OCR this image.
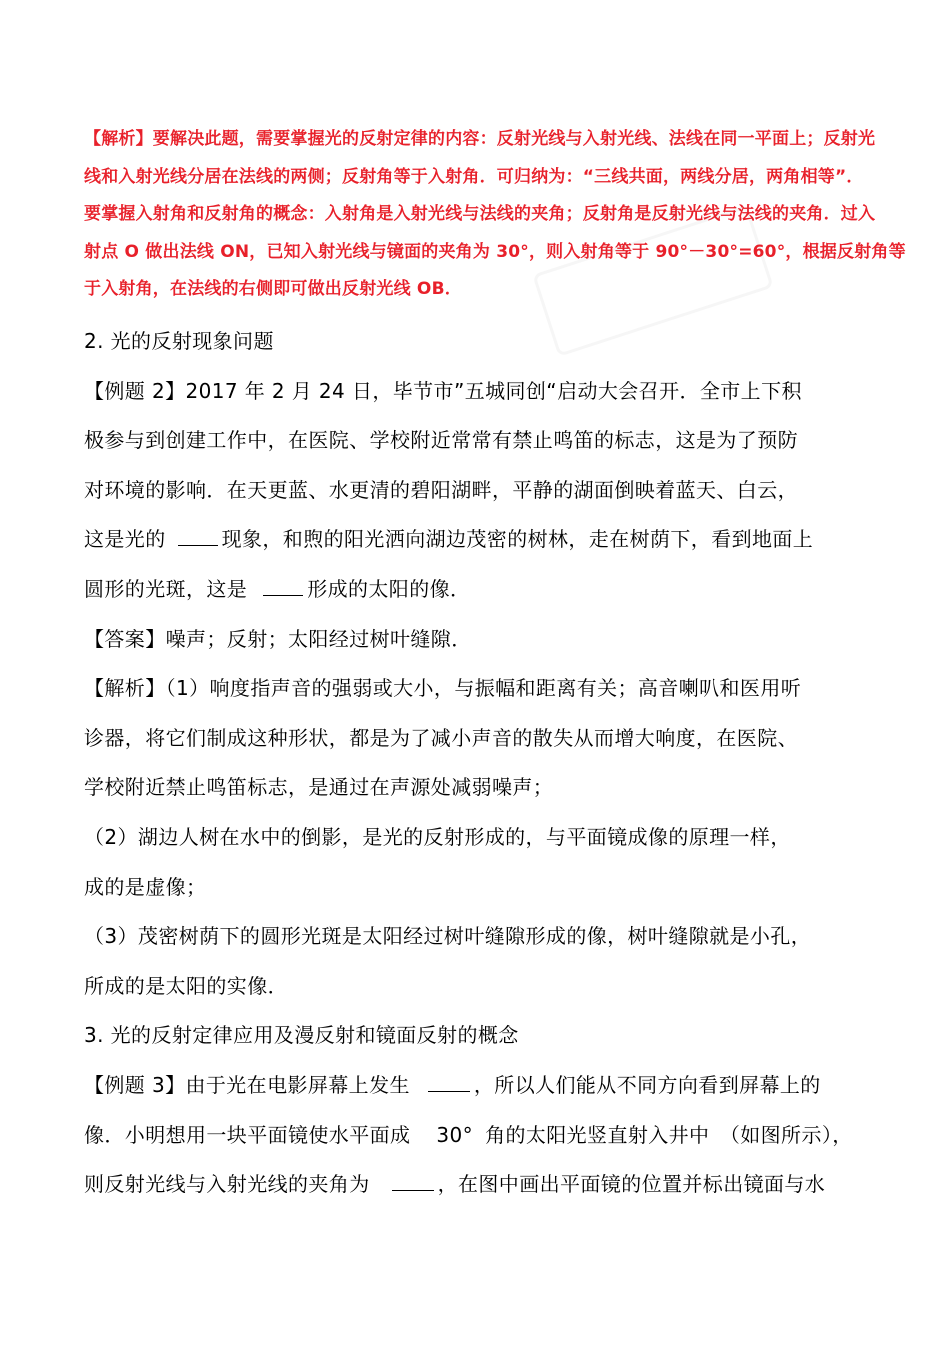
【解析】要解决此题，需要掌握光的反射定律的内容：反射光线与入射光线、法线在同一平面上；反射光
线和入射光线分居在法线的两侧；反射角等于入射角．可归纳为：“三线共面，两线分居，两角相等”．
要掌握入射角和反射角的概念：入射角是入射光线与法线的夹角；反射角是反射光线与法线的夹角．过入
射点 O 做出法线 ON，已知入射光线与镜面的夹角为 30°，则入射角等于 90°－30°=60°，根据反射角等
于入射角，在法线的右侧即可做出反射光线 OB．
2. 光的反射现象问题
【例题 2】2017 年 2 月 24 日，毕节市”五城同创“启动大会召开．全市上下积
极参与到创建工作中，在医院、学校附近常常有禁止鸣笛的标志，这是为了预防
对环境的影响．在天更蓝、水更清的碧阳湖畔，平静的湖面倒映着蓝天、白云，
这是光的	现象，和煦的阳光洒向湖边茂密的树林，走在树荫下，看到地面上
圆形的光斑，这是	形成的太阳的像．
【答案】噪声；反射；太阳经过树叶缝隙．
【解析】（1）响度指声音的强弱或大小，与振幅和距离有关；高音喇叭和医用听
诊器，将它们制成这种形状，都是为了减小声音的散失从而增大响度，在医院、
学校附近禁止鸣笛标志，是通过在声源处减弱噪声；
（2）湖边人树在水中的倒影，是光的反射形成的，与平面镜成像的原理一样，
成的是虚像；
（3）茂密树荫下的圆形光斑是太阳经过树叶缝隙形成的像，树叶缝隙就是小孔，
所成的是太阳的实像．
3. 光的反射定律应用及漫反射和镜面反射的概念
【例题 3】由于光在电影屏幕上发生	，所以人们能从不同方向看到屏幕上的
像．小明想用一块平面镜使水平面成 30° 角的太阳光竖直射入井中　（如图所示），
则反射光线与入射光线的夹角为	，在图中画出平面镜的位置并标出镜面与水
